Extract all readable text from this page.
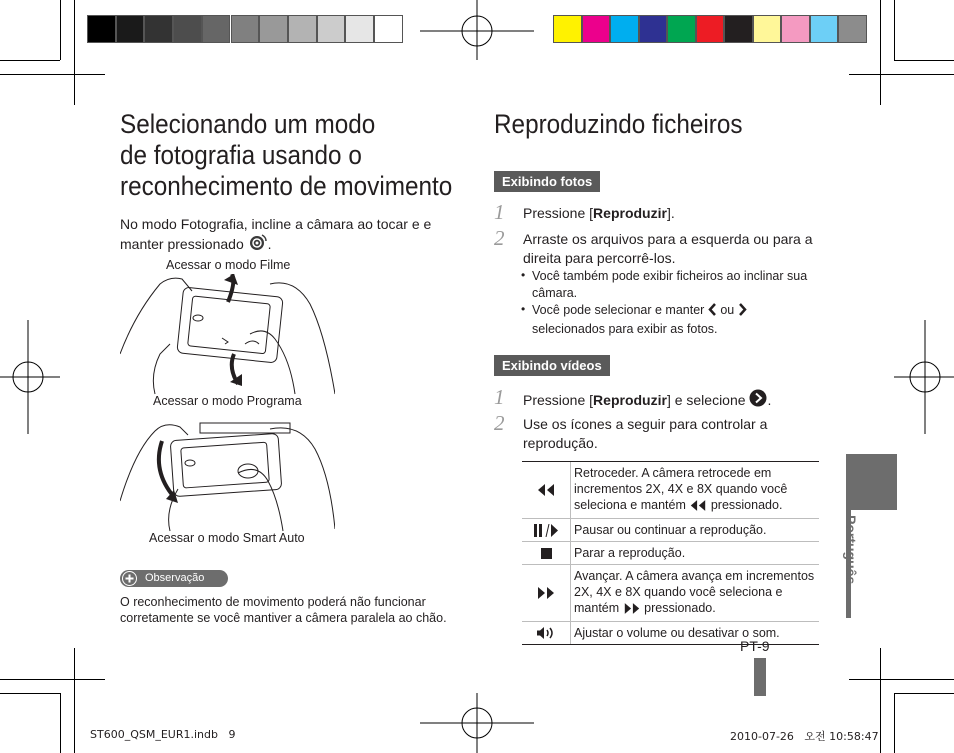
Selecionando um modo
de fotografia usando o
reconhecimento de movimento
No modo Fotografia, incline a câmara ao tocar e e manter pressionado .
Acessar o modo Filme
Acessar o modo Programa
Acessar o modo Smart Auto
Observação
O reconhecimento de movimento poderá não funcionar corretamente se você mantiver a câmera paralela ao chão.
Reproduzindo ficheiros
Exibindo fotos
1 Pressione [Reproduzir].
2 Arraste os arquivos para a esquerda ou para a direita para percorrê-los.
• Você também pode exibir ficheiros ao inclinar sua câmara.
• Você pode selecionar e manter ou  selecionados para exibir as fotos.
Exibindo vídeos
1 Pressione [Reproduzir] e selecione .
2 Use os ícones a seguir para controlar a reprodução.
Retroceder. A câmera retrocede em incrementos 2X, 4X e 8X quando você seleciona e mantém pressionado.
Pausar ou continuar a reprodução.
Parar a reprodução.
Avançar. A câmera avança em incrementos 2X, 4X e 8X quando você seleciona e mantém pressionado.
Ajustar o volume ou desativar o som.
PT-9
Português
ST600_QSM_EUR1.indb   9	2010-07-26   오전 10:58:47
